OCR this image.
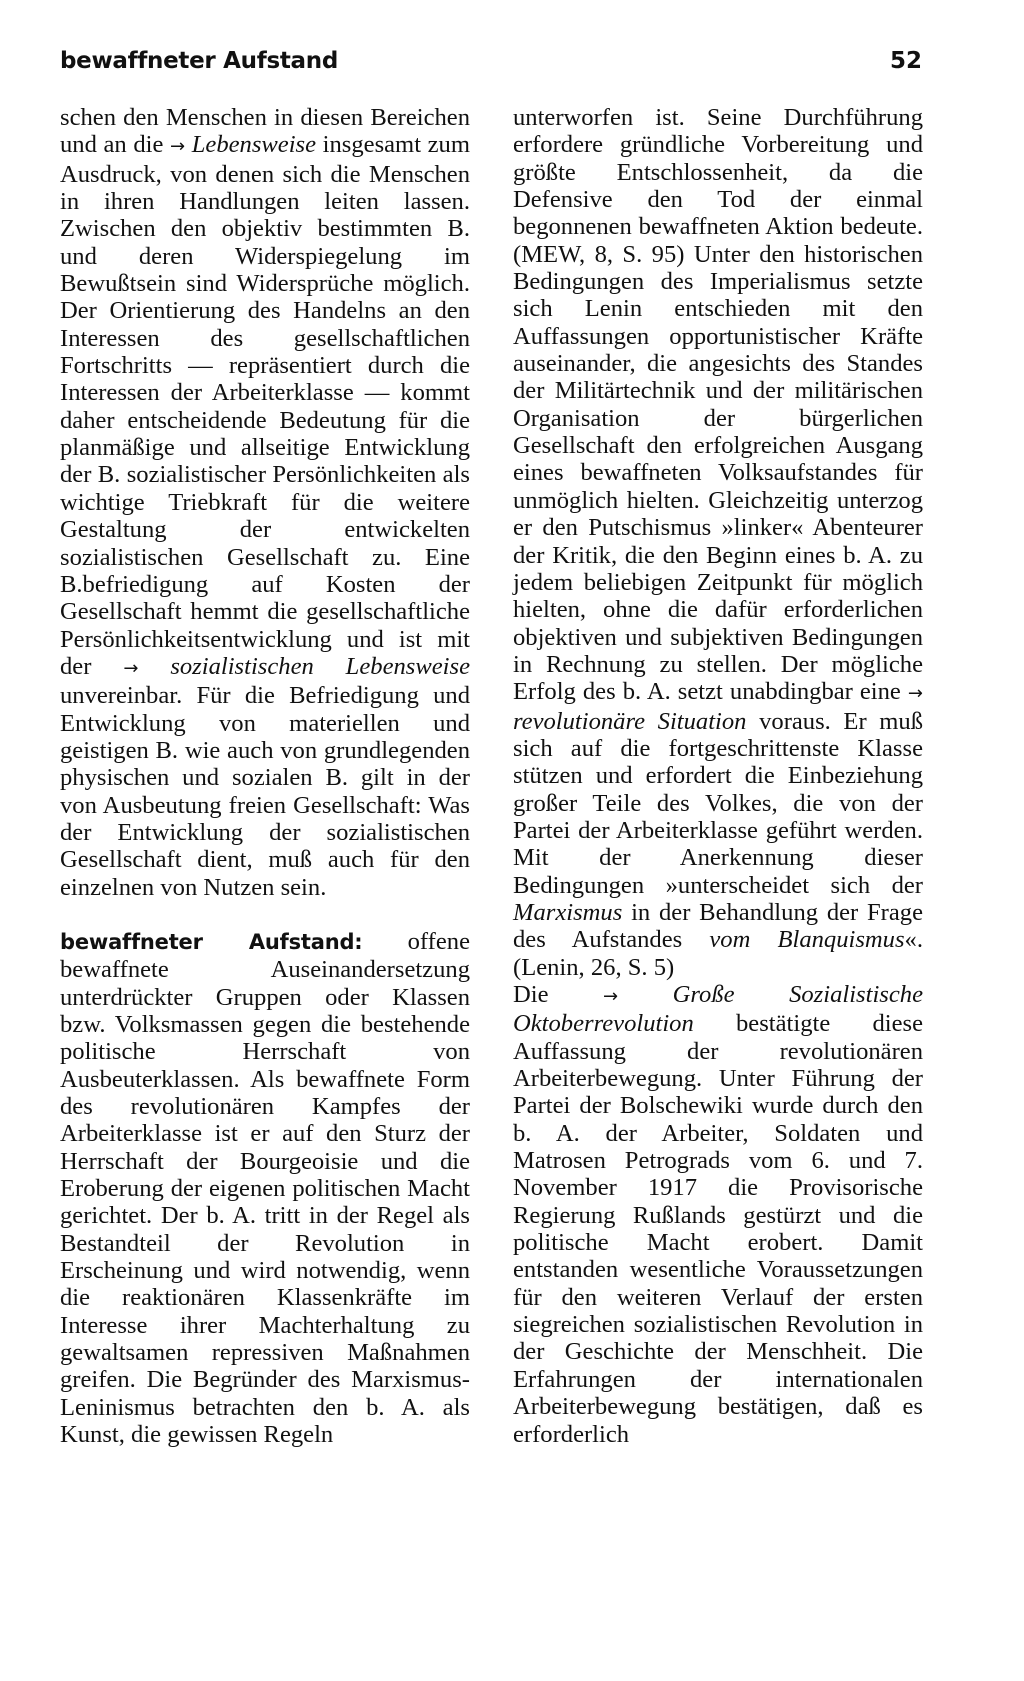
bewaffneter Aufstand	52

schen den Menschen in diesen Bereichen und an die → Lebensweise insgesamt zum Ausdruck, von denen sich die Menschen in ihren Handlungen leiten lassen. Zwischen den objektiv bestimmten B. und deren Widerspiegelung im Bewußtsein sind Widersprüche möglich. Der Orientierung des Handelns an den Interessen des gesellschaftlichen Fortschritts — repräsentiert durch die Interessen der Arbeiterklasse — kommt daher entscheidende Bedeutung für die planmäßige und allseitige Entwicklung der B. sozialistischer Persönlichkeiten als wichtige Triebkraft für die weitere Gestaltung der entwickelten sozialistischen Gesellschaft zu. Eine B.befriedigung auf Kosten der Gesellschaft hemmt die gesellschaftliche Persönlichkeitsentwicklung und ist mit der → sozialistischen Lebensweise unvereinbar. Für die Befriedigung und Entwicklung von materiellen und geistigen B. wie auch von grundlegenden physischen und sozialen B. gilt in der von Ausbeutung freien Gesellschaft: Was der Entwicklung der sozialistischen Gesellschaft dient, muß auch für den einzelnen von Nutzen sein.

bewaffneter Aufstand: offene bewaffnete Auseinandersetzung unterdrückter Gruppen oder Klassen bzw. Volksmassen gegen die bestehende politische Herrschaft von Ausbeuterklassen. Als bewaffnete Form des revolutionären Kampfes der Arbeiterklasse ist er auf den Sturz der Herrschaft der Bourgeoisie und die Eroberung der eigenen politischen Macht gerichtet. Der b. A. tritt in der Regel als Bestandteil der Revolution in Erscheinung und wird notwendig, wenn die reaktionären Klassenkräfte im Interesse ihrer Machterhaltung zu gewaltsamen repressiven Maßnahmen greifen. Die Begründer des Marxismus-Leninismus betrachten den b. A. als Kunst, die gewissen Regeln

unterworfen ist. Seine Durchführung erfordere gründliche Vorbereitung und größte Entschlossenheit, da die Defensive den Tod der einmal begonnenen bewaffneten Aktion bedeute. (MEW, 8, S. 95) Unter den historischen Bedingungen des Imperialismus setzte sich Lenin entschieden mit den Auffassungen opportunistischer Kräfte auseinander, die angesichts des Standes der Militärtechnik und der militärischen Organisation der bürgerlichen Gesellschaft den erfolgreichen Ausgang eines bewaffneten Volksaufstandes für unmöglich hielten. Gleichzeitig unterzog er den Putschismus »linker« Abenteurer der Kritik, die den Beginn eines b. A. zu jedem beliebigen Zeitpunkt für möglich hielten, ohne die dafür erforderlichen objektiven und subjektiven Bedingungen in Rechnung zu stellen. Der mögliche Erfolg des b. A. setzt unabdingbar eine → revolutionäre Situation voraus. Er muß sich auf die fortgeschrittenste Klasse stützen und erfordert die Einbeziehung großer Teile des Volkes, die von der Partei der Arbeiterklasse geführt werden. Mit der Anerkennung dieser Bedingungen »unterscheidet sich der Marxismus in der Behandlung der Frage des Aufstandes vom Blanquismus«. (Lenin, 26, S. 5)

Die → Große Sozialistische Oktoberrevolution bestätigte diese Auffassung der revolutionären Arbeiterbewegung. Unter Führung der Partei der Bolschewiki wurde durch den b. A. der Arbeiter, Soldaten und Matrosen Petrograds vom 6. und 7. November 1917 die Provisorische Regierung Rußlands gestürzt und die politische Macht erobert. Damit entstanden wesentliche Voraussetzungen für den weiteren Verlauf der ersten siegreichen sozialistischen Revolution in der Geschichte der Menschheit. Die Erfahrungen der internationalen Arbeiterbewegung bestätigen, daß es erforderlich
